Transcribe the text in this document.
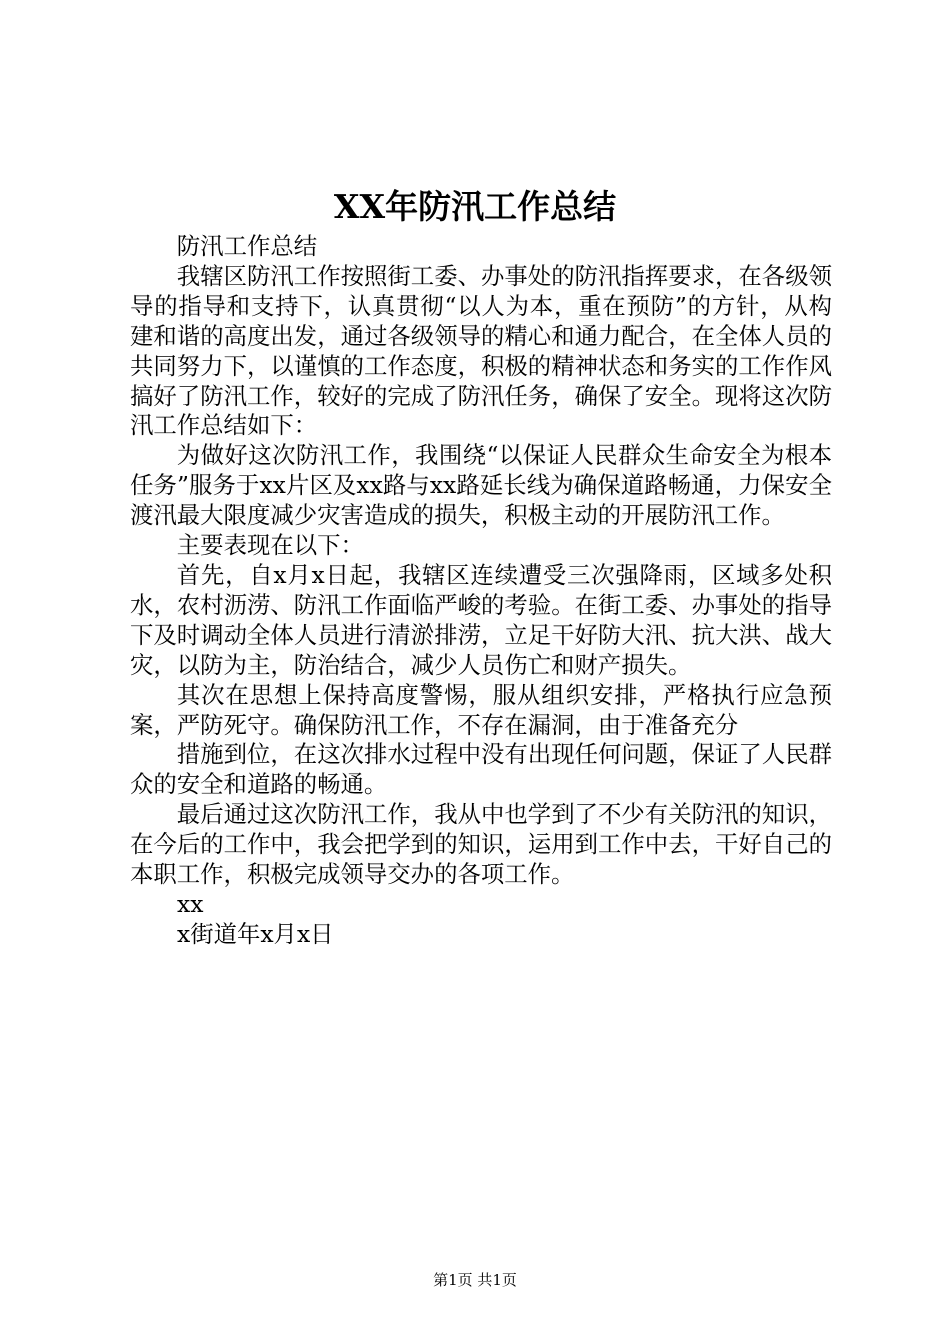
XX年防汛工作总结

防汛工作总结

我辖区防汛工作按照街工委、办事处的防汛指挥要求，在各级领导的指导和支持下，认真贯彻“以人为本，重在预防”的方针，从构建和谐的高度出发，通过各级领导的精心和通力配合，在全体人员的共同努力下，以谨慎的工作态度，积极的精神状态和务实的工作作风搞好了防汛工作，较好的完成了防汛任务，确保了安全。现将这次防汛工作总结如下：

为做好这次防汛工作，我围绕“以保证人民群众生命安全为根本任务”服务于xx片区及xx路与xx路延长线为确保道路畅通，力保安全渡汛最大限度减少灾害造成的损失，积极主动的开展防汛工作。

主要表现在以下：

首先，自x月x日起，我辖区连续遭受三次强降雨，区域多处积水，农村沥涝、防汛工作面临严峻的考验。在街工委、办事处的指导下及时调动全体人员进行清淤排涝，立足干好防大汛、抗大洪、战大灾，以防为主，防治结合，减少人员伤亡和财产损失。

其次在思想上保持高度警惕，服从组织安排，严格执行应急预案，严防死守。确保防汛工作，不存在漏洞，由于准备充分

措施到位，在这次排水过程中没有出现任何问题，保证了人民群众的安全和道路的畅通。

最后通过这次防汛工作，我从中也学到了不少有关防汛的知识，在今后的工作中，我会把学到的知识，运用到工作中去，干好自己的本职工作，积极完成领导交办的各项工作。

xx

x街道年x月x日

第1页 共1页
